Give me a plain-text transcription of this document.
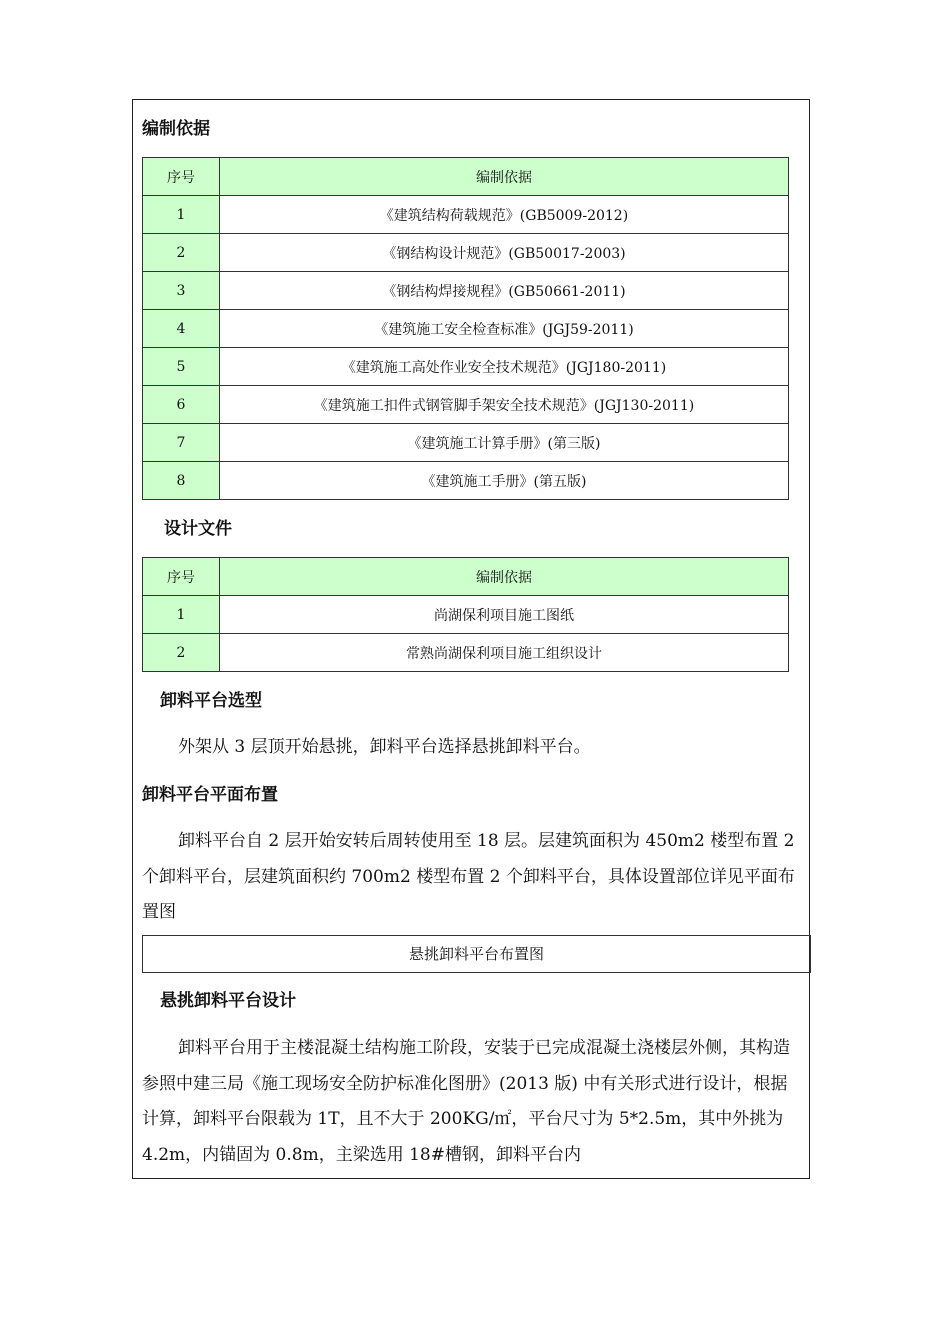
编制依据
序号	编制依据
1	《建筑结构荷载规范》(GB5009-2012)
2	《钢结构设计规范》(GB50017-2003)
3	《钢结构焊接规程》(GB50661-2011)
4	《建筑施工安全检查标准》(JGJ59-2011)
5	《建筑施工高处作业安全技术规范》(JGJ180-2011)
6	《建筑施工扣件式钢管脚手架安全技术规范》(JGJ130-2011)
7	《建筑施工计算手册》(第三版)
8	《建筑施工手册》(第五版)
设计文件
序号	编制依据
1	尚湖保利项目施工图纸
2	常熟尚湖保利项目施工组织设计
卸料平台选型
外架从 3 层顶开始悬挑，卸料平台选择悬挑卸料平台。
卸料平台平面布置
卸料平台自 2 层开始安转后周转使用至 18 层。层建筑面积为 450m2 楼型布置 2 个卸料平台，层建筑面积约 700m2 楼型布置 2 个卸料平台，具体设置部位详见平面布置图
悬挑卸料平台布置图
悬挑卸料平台设计
卸料平台用于主楼混凝土结构施工阶段，安装于已完成混凝土浇楼层外侧，其构造参照中建三局《施工现场安全防护标准化图册》(2013 版) 中有关形式进行设计，根据计算，卸料平台限载为 1T，且不大于 200KG/㎡，平台尺寸为 5*2.5m，其中外挑为 4.2m，内锚固为 0.8m，主梁选用 18#槽钢，卸料平台内
